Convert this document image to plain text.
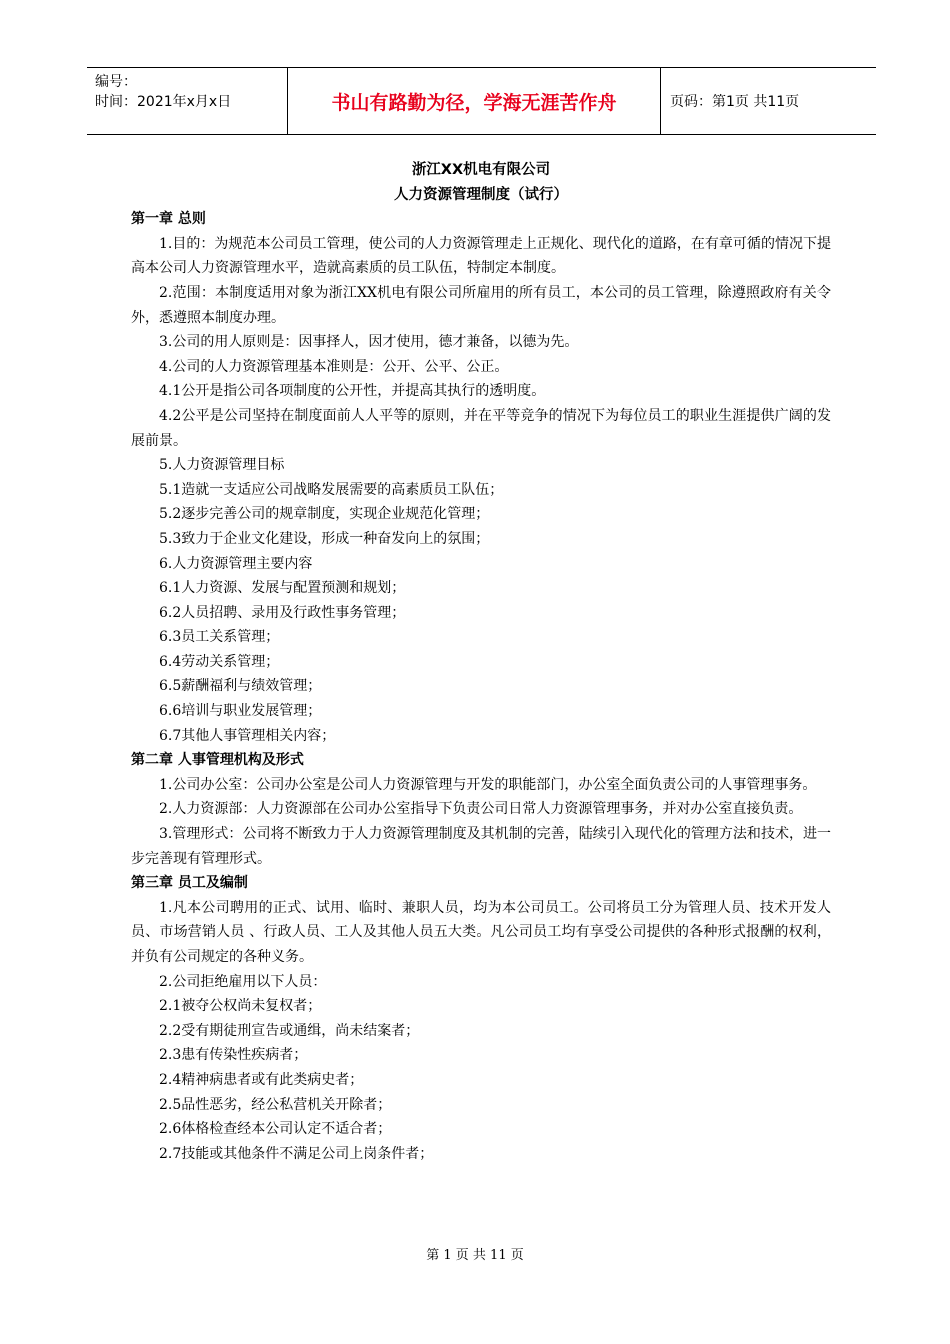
编号：
时间：2021年x月x日	书山有路勤为径，学海无涯苦作舟	页码：第1页 共11页
浙江XX机电有限公司
人力资源管理制度（试行）
第一章 总则
1.目的：为规范本公司员工管理，使公司的人力资源管理走上正规化、现代化的道路，在有章可循的情况下提高本公司人力资源管理水平，造就高素质的员工队伍，特制定本制度。
2.范围：本制度适用对象为浙江XX机电有限公司所雇用的所有员工，本公司的员工管理，除遵照政府有关令外，悉遵照本制度办理。
3.公司的用人原则是：因事择人，因才使用，德才兼备，以德为先。
4.公司的人力资源管理基本准则是：公开、公平、公正。
4.1公开是指公司各项制度的公开性，并提高其执行的透明度。
4.2公平是公司坚持在制度面前人人平等的原则，并在平等竞争的情况下为每位员工的职业生涯提供广阔的发展前景。
5.人力资源管理目标
5.1造就一支适应公司战略发展需要的高素质员工队伍；
5.2逐步完善公司的规章制度，实现企业规范化管理；
5.3致力于企业文化建设，形成一种奋发向上的氛围；
6.人力资源管理主要内容
6.1人力资源、发展与配置预测和规划；
6.2人员招聘、录用及行政性事务管理；
6.3员工关系管理；
6.4劳动关系管理；
6.5薪酬福利与绩效管理；
6.6培训与职业发展管理；
6.7其他人事管理相关内容；
第二章 人事管理机构及形式
1.公司办公室：公司办公室是公司人力资源管理与开发的职能部门，办公室全面负责公司的人事管理事务。
2.人力资源部：人力资源部在公司办公室指导下负责公司日常人力资源管理事务，并对办公室直接负责。
3.管理形式：公司将不断致力于人力资源管理制度及其机制的完善，陆续引入现代化的管理方法和技术，进一步完善现有管理形式。
第三章 员工及编制
1.凡本公司聘用的正式、试用、临时、兼职人员，均为本公司员工。公司将员工分为管理人员、技术开发人员、市场营销人员 、行政人员、工人及其他人员五大类。凡公司员工均有享受公司提供的各种形式报酬的权利，并负有公司规定的各种义务。
2.公司拒绝雇用以下人员：
2.1被夺公权尚未复权者；
2.2受有期徒刑宣告或通缉，尚未结案者；
2.3患有传染性疾病者；
2.4精神病患者或有此类病史者；
2.5品性恶劣，经公私营机关开除者；
2.6体格检查经本公司认定不适合者；
2.7技能或其他条件不满足公司上岗条件者；
第 1 页 共 11 页
